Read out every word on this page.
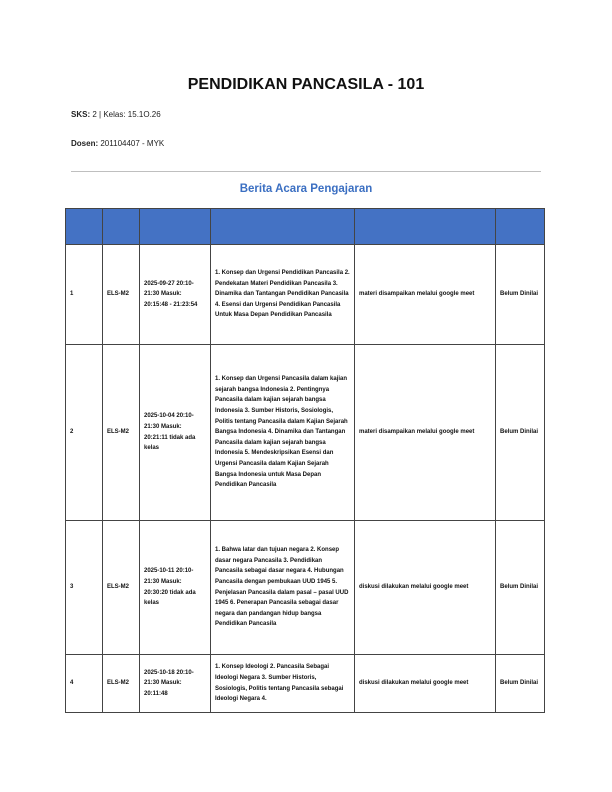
PENDIDIKAN PANCASILA - 101
SKS: 2 | Kelas: 15.1O.26
Dosen: 201104407 - MYK
Berita Acara Pengajaran

1	ELS-M2	2025-09-27 20:10-21:30 Masuk: 20:15:48 - 21:23:54	1. Konsep dan Urgensi Pendidikan Pancasila 2. Pendekatan Materi Pendidikan Pancasila 3. Dinamika dan Tantangan Pendidikan Pancasila 4. Esensi dan Urgensi Pendidikan Pancasila Untuk Masa Depan Pendidikan Pancasila	materi disampaikan melalui google meet	Belum Dinilai
2	ELS-M2	2025-10-04 20:10-21:30 Masuk: 20:21:11 tidak ada kelas	1. Konsep dan Urgensi Pancasila dalam kajian sejarah bangsa Indonesia 2. Pentingnya Pancasila dalam kajian sejarah bangsa Indonesia 3. Sumber Historis, Sosiologis, Politis tentang Pancasila dalam Kajian Sejarah Bangsa Indonesia 4. Dinamika dan Tantangan Pancasila dalam kajian sejarah bangsa Indonesia 5. Mendeskripsikan Esensi dan Urgensi Pancasila dalam Kajian Sejarah Bangsa Indonesia untuk Masa Depan Pendidikan Pancasila	materi disampaikan melalui google meet	Belum Dinilai
3	ELS-M2	2025-10-11 20:10-21:30 Masuk: 20:30:20 tidak ada kelas	1. Bahwa latar dan tujuan negara 2. Konsep dasar negara Pancasila 3. Pendidikan Pancasila sebagai dasar negara 4. Hubungan Pancasila dengan pembukaan UUD 1945 5. Penjelasan Pancasila dalam pasal – pasal UUD 1945 6. Penerapan Pancasila sebagai dasar negara dan pandangan hidup bangsa Pendidikan Pancasila	diskusi dilakukan melalui google meet	Belum Dinilai
4	ELS-M2	2025-10-18 20:10-21:30 Masuk: 20:11:48	1. Konsep Ideologi 2. Pancasila Sebagai Ideologi Negara 3. Sumber Historis, Sosiologis, Politis tentang Pancasila sebagai Ideologi Negara 4.	diskusi dilakukan melalui google meet	Belum Dinilai
